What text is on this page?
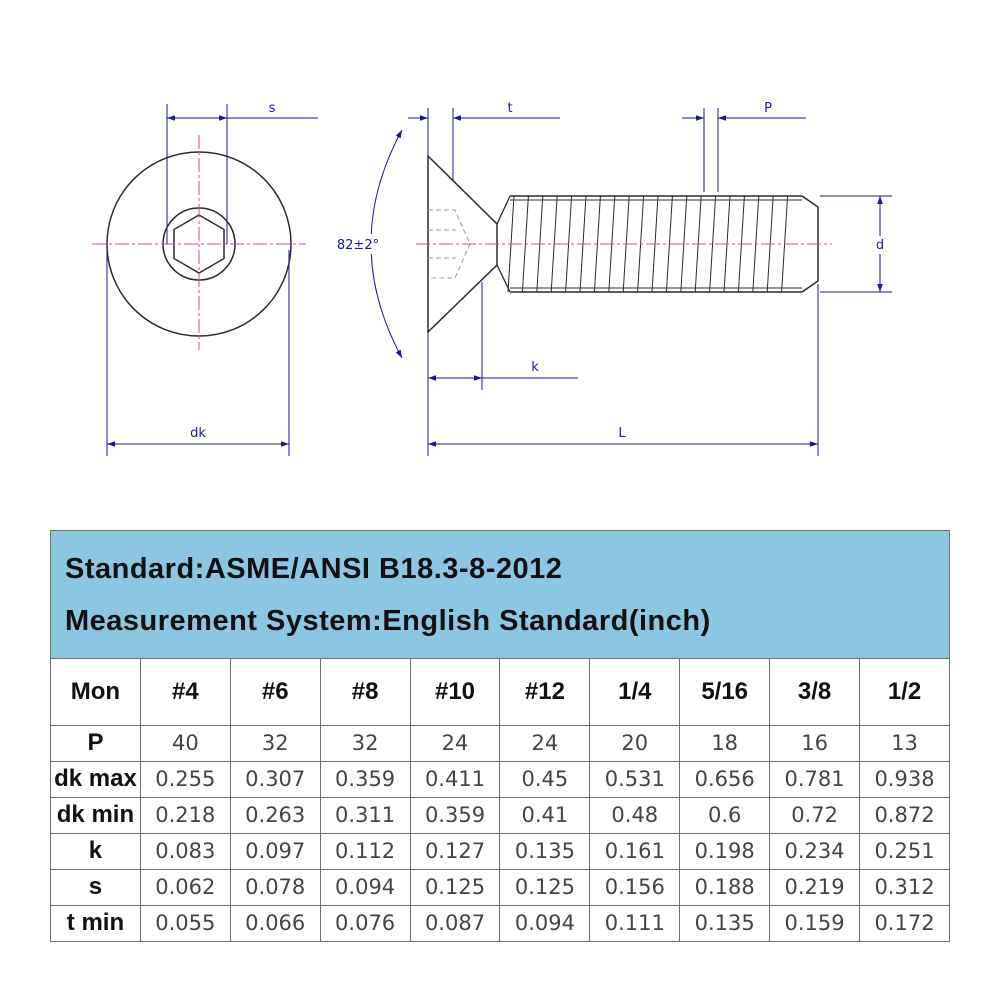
s
dk
t	P
82±2°	d
k
L
Standard:ASME/ANSI B18.3-8-2012
Measurement System:English Standard(inch)									

Mon	#4	#6	#8	#10	#12	1/4	5/16	3/8	1/2
P	40	32	32	24	24	20	18	16	13
dk max	0.255	0.307	0.359	0.411	0.45	0.531	0.656	0.781	0.938
dk min	0.218	0.263	0.311	0.359	0.41	0.48	0.6	0.72	0.872
k	0.083	0.097	0.112	0.127	0.135	0.161	0.198	0.234	0.251
s	0.062	0.078	0.094	0.125	0.125	0.156	0.188	0.219	0.312
t min	0.055	0.066	0.076	0.087	0.094	0.111	0.135	0.159	0.172
